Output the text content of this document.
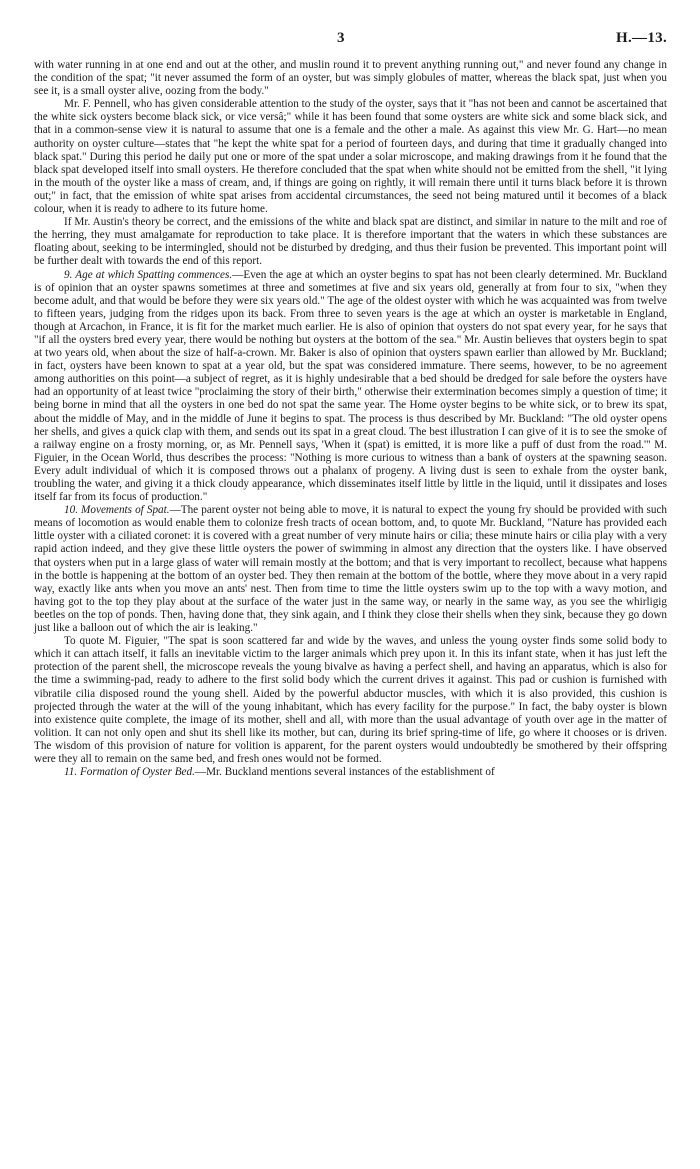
3	H.—13.

with water running in at one end and out at the other, and muslin round it to prevent anything running out," and never found any change in the condition of the spat; "it never assumed the form of an oyster, but was simply globules of matter, whereas the black spat, just when you see it, is a small oyster alive, oozing from the body."

Mr. F. Pennell, who has given considerable attention to the study of the oyster, says that it "has not been and cannot be ascertained that the white sick oysters become black sick, or vice versâ;" while it has been found that some oysters are white sick and some black sick, and that in a common-sense view it is natural to assume that one is a female and the other a male. As against this view Mr. G. Hart—no mean authority on oyster culture—states that "he kept the white spat for a period of fourteen days, and during that time it gradually changed into black spat." During this period he daily put one or more of the spat under a solar microscope, and making drawings from it he found that the black spat developed itself into small oysters. He therefore concluded that the spat when white should not be emitted from the shell, "it lying in the mouth of the oyster like a mass of cream, and, if things are going on rightly, it will remain there until it turns black before it is thrown out;" in fact, that the emission of white spat arises from accidental circumstances, the seed not being matured until it becomes of a black colour, when it is ready to adhere to its future home.

If Mr. Austin's theory be correct, and the emissions of the white and black spat are distinct, and similar in nature to the milt and roe of the herring, they must amalgamate for reproduction to take place. It is therefore important that the waters in which these substances are floating about, seeking to be intermingled, should not be disturbed by dredging, and thus their fusion be prevented. This important point will be further dealt with towards the end of this report.

9. Age at which Spatting commences.—Even the age at which an oyster begins to spat has not been clearly determined. Mr. Buckland is of opinion that an oyster spawns sometimes at three and sometimes at five and six years old, generally at from four to six, "when they become adult, and that would be before they were six years old." The age of the oldest oyster with which he was acquainted was from twelve to fifteen years, judging from the ridges upon its back. From three to seven years is the age at which an oyster is marketable in England, though at Arcachon, in France, it is fit for the market much earlier. He is also of opinion that oysters do not spat every year, for he says that "if all the oysters bred every year, there would be nothing but oysters at the bottom of the sea." Mr. Austin believes that oysters begin to spat at two years old, when about the size of half-a-crown. Mr. Baker is also of opinion that oysters spawn earlier than allowed by Mr. Buckland; in fact, oysters have been known to spat at a year old, but the spat was considered immature. There seems, however, to be no agreement among authorities on this point—a subject of regret, as it is highly undesirable that a bed should be dredged for sale before the oysters have had an opportunity of at least twice "proclaiming the story of their birth," otherwise their extermination becomes simply a question of time; it being borne in mind that all the oysters in one bed do not spat the same year. The Home oyster begins to be white sick, or to brew its spat, about the middle of May, and in the middle of June it begins to spat. The process is thus described by Mr. Buckland: "The old oyster opens her shells, and gives a quick clap with them, and sends out its spat in a great cloud. The best illustration I can give of it is to see the smoke of a railway engine on a frosty morning, or, as Mr. Pennell says, 'When it (spat) is emitted, it is more like a puff of dust from the road.'" M. Figuier, in the Ocean World, thus describes the process: "Nothing is more curious to witness than a bank of oysters at the spawning season. Every adult individual of which it is composed throws out a phalanx of progeny. A living dust is seen to exhale from the oyster bank, troubling the water, and giving it a thick cloudy appearance, which disseminates itself little by little in the liquid, until it dissipates and loses itself far from its focus of production."

10. Movements of Spat.—The parent oyster not being able to move, it is natural to expect the young fry should be provided with such means of locomotion as would enable them to colonize fresh tracts of ocean bottom, and, to quote Mr. Buckland, "Nature has provided each little oyster with a ciliated coronet: it is covered with a great number of very minute hairs or cilia; these minute hairs or cilia play with a very rapid action indeed, and they give these little oysters the power of swimming in almost any direction that the oysters like. I have observed that oysters when put in a large glass of water will remain mostly at the bottom; and that is very important to recollect, because what happens in the bottle is happening at the bottom of an oyster bed. They then remain at the bottom of the bottle, where they move about in a very rapid way, exactly like ants when you move an ants' nest. Then from time to time the little oysters swim up to the top with a wavy motion, and having got to the top they play about at the surface of the water just in the same way, or nearly in the same way, as you see the whirligig beetles on the top of ponds. Then, having done that, they sink again, and I think they close their shells when they sink, because they go down just like a balloon out of which the air is leaking."

To quote M. Figuier, "The spat is soon scattered far and wide by the waves, and unless the young oyster finds some solid body to which it can attach itself, it falls an inevitable victim to the larger animals which prey upon it. In this its infant state, when it has just left the protection of the parent shell, the microscope reveals the young bivalve as having a perfect shell, and having an apparatus, which is also for the time a swimming-pad, ready to adhere to the first solid body which the current drives it against. This pad or cushion is furnished with vibratile cilia disposed round the young shell. Aided by the powerful abductor muscles, with which it is also provided, this cushion is projected through the water at the will of the young inhabitant, which has every facility for the purpose." In fact, the baby oyster is blown into existence quite complete, the image of its mother, shell and all, with more than the usual advantage of youth over age in the matter of volition. It can not only open and shut its shell like its mother, but can, during its brief spring-time of life, go where it chooses or is driven. The wisdom of this provision of nature for volition is apparent, for the parent oysters would undoubtedly be smothered by their offspring were they all to remain on the same bed, and fresh ones would not be formed.

11. Formation of Oyster Bed.—Mr. Buckland mentions several instances of the establishment of
